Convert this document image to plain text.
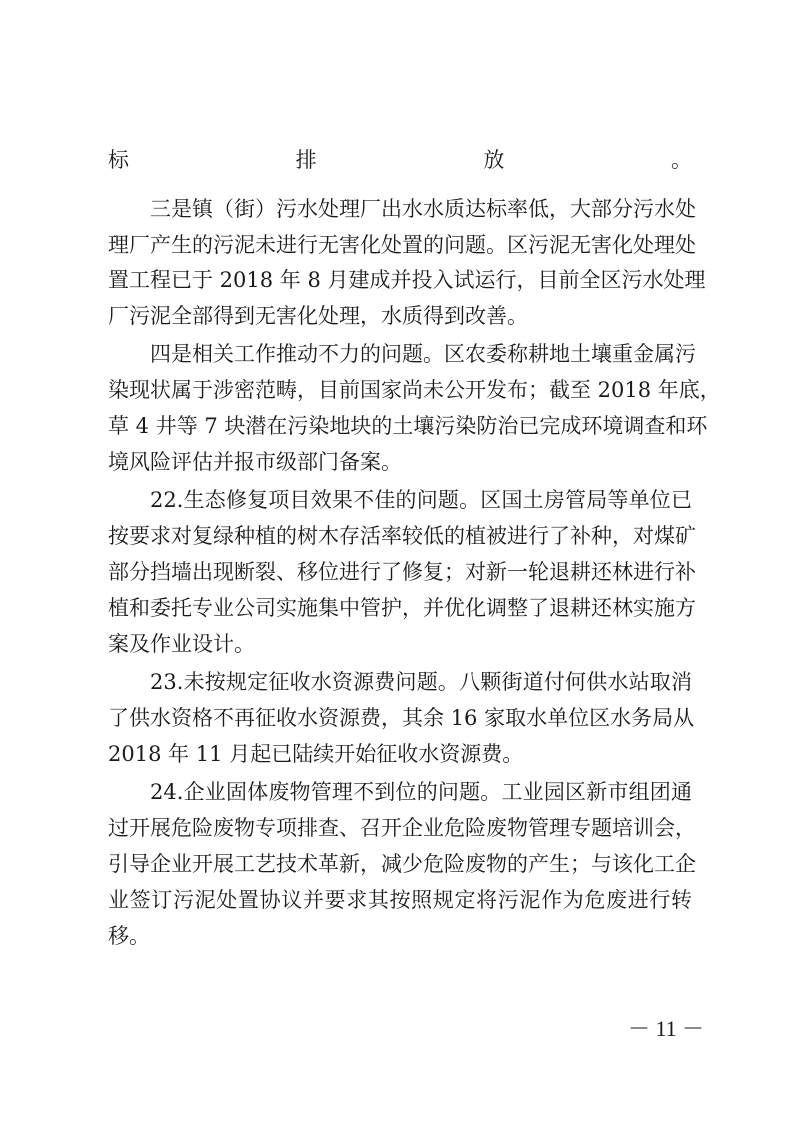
标排放。
三是镇（街）污水处理厂出水水质达标率低，大部分污水处
理厂产生的污泥未进行无害化处置的问题。区污泥无害化处理处
置工程已于 2018 年 8 月建成并投入试运行，目前全区污水处理
厂污泥全部得到无害化处理，水质得到改善。
四是相关工作推动不力的问题。区农委称耕地土壤重金属污
染现状属于涉密范畴，目前国家尚未公开发布；截至 2018 年底，
草 4 井等 7 块潜在污染地块的土壤污染防治已完成环境调查和环
境风险评估并报市级部门备案。
22.生态修复项目效果不佳的问题。区国土房管局等单位已
按要求对复绿种植的树木存活率较低的植被进行了补种，对煤矿
部分挡墙出现断裂、移位进行了修复；对新一轮退耕还林进行补
植和委托专业公司实施集中管护，并优化调整了退耕还林实施方
案及作业设计。
23.未按规定征收水资源费问题。八颗街道付何供水站取消
了供水资格不再征收水资源费，其余 16 家取水单位区水务局从
2018 年 11 月起已陆续开始征收水资源费。
24.企业固体废物管理不到位的问题。工业园区新市组团通
过开展危险废物专项排查、召开企业危险废物管理专题培训会，
引导企业开展工艺技术革新，减少危险废物的产生；与该化工企
业签订污泥处置协议并要求其按照规定将污泥作为危废进行转
移。
－ 11 －
